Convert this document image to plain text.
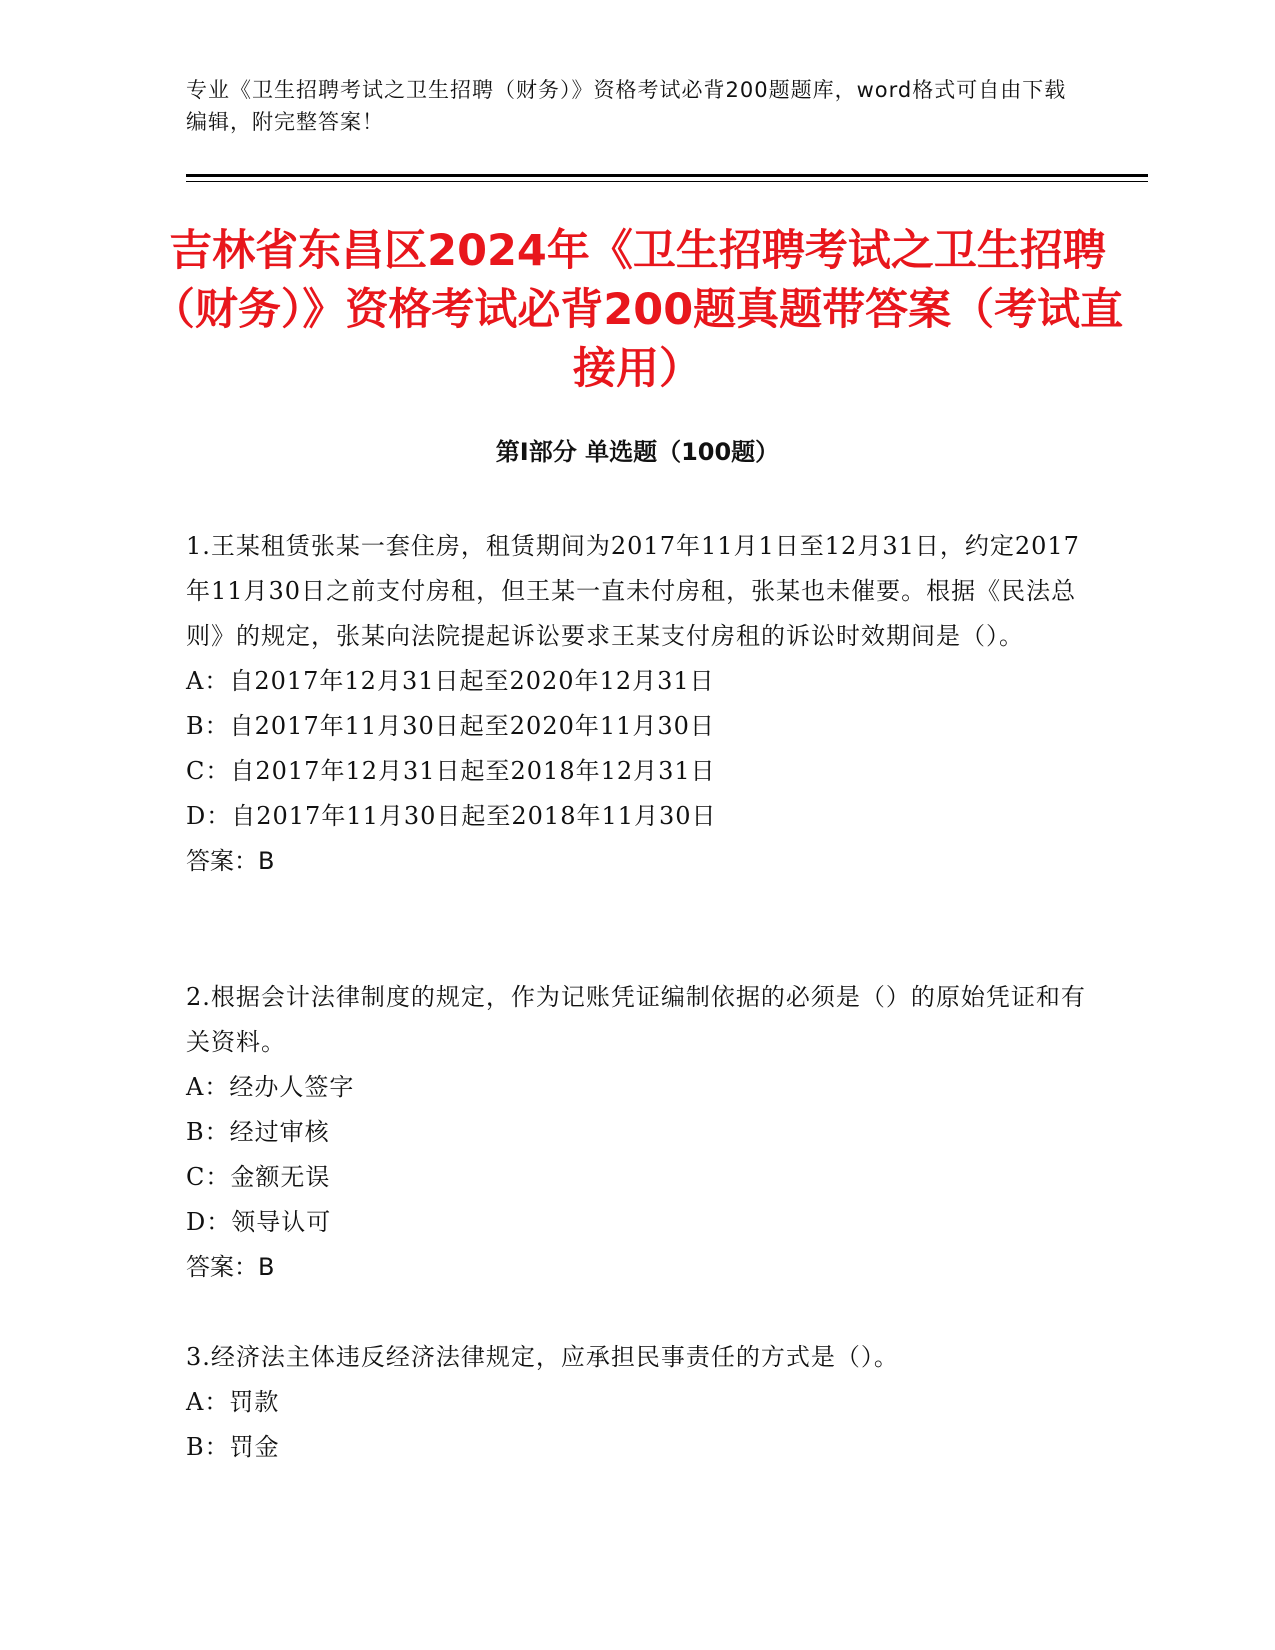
专业《卫生招聘考试之卫生招聘（财务）》资格考试必背200题题库，word格式可自由下载编辑，附完整答案！
吉林省东昌区2024年《卫生招聘考试之卫生招聘（财务）》资格考试必背200题真题带答案（考试直接用）
第I部分 单选题（100题）

1.王某租赁张某一套住房，租赁期间为2017年11月1日至12月31日，约定2017年11月30日之前支付房租，但王某一直未付房租，张某也未催要。根据《民法总则》的规定，张某向法院提起诉讼要求王某支付房租的诉讼时效期间是（）。

A：自2017年12月31日起至2020年12月31日

B：自2017年11月30日起至2020年11月30日

C：自2017年12月31日起至2018年12月31日

D：自2017年11月30日起至2018年11月30日

答案：B

2.根据会计法律制度的规定，作为记账凭证编制依据的必须是（）的原始凭证和有关资料。

A：经办人签字

B：经过审核

C：金额无误

D：领导认可

答案：B

3.经济法主体违反经济法律规定，应承担民事责任的方式是（）。

A：罚款

B：罚金
